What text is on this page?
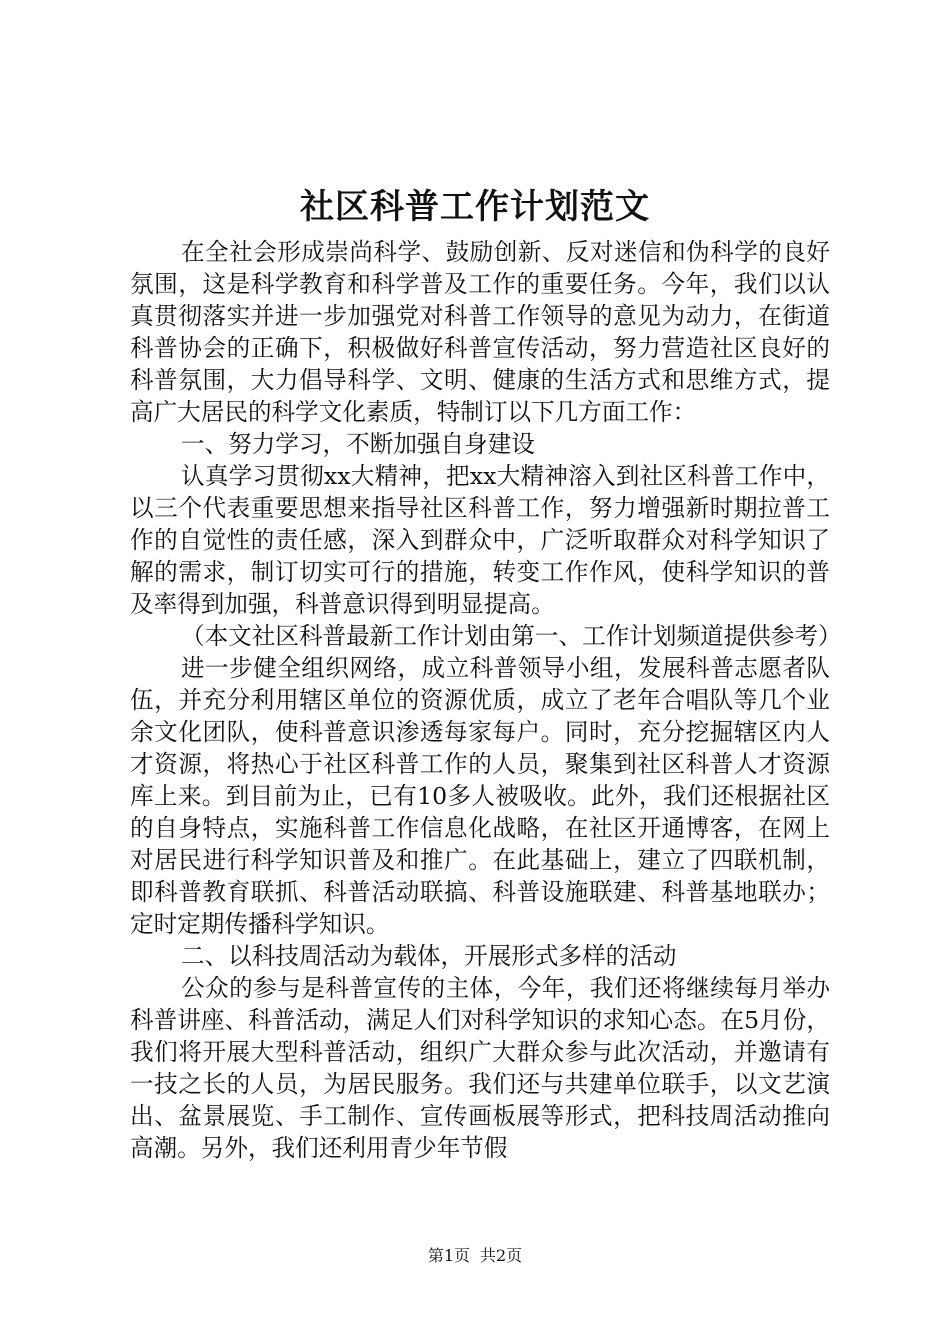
社区科普工作计划范文

在全社会形成崇尚科学、鼓励创新、反对迷信和伪科学的良好氛围，这是科学教育和科学普及工作的重要任务。今年，我们以认真贯彻落实并进一步加强党对科普工作领导的意见为动力，在街道科普协会的正确下，积极做好科普宣传活动，努力营造社区良好的科普氛围，大力倡导科学、文明、健康的生活方式和思维方式，提高广大居民的科学文化素质，特制订以下几方面工作：

一、努力学习，不断加强自身建设

认真学习贯彻xx大精神，把xx大精神溶入到社区科普工作中，以三个代表重要思想来指导社区科普工作，努力增强新时期拉普工作的自觉性的责任感，深入到群众中，广泛听取群众对科学知识了解的需求，制订切实可行的措施，转变工作作风，使科学知识的普及率得到加强，科普意识得到明显提高。

（本文社区科普最新工作计划由第一、工作计划频道提供参考）

进一步健全组织网络，成立科普领导小组，发展科普志愿者队伍，并充分利用辖区单位的资源优质，成立了老年合唱队等几个业余文化团队，使科普意识渗透每家每户。同时，充分挖掘辖区内人才资源，将热心于社区科普工作的人员，聚集到社区科普人才资源库上来。到目前为止，已有10多人被吸收。此外，我们还根据社区的自身特点，实施科普工作信息化战略，在社区开通博客，在网上对居民进行科学知识普及和推广。在此基础上，建立了四联机制，即科普教育联抓、科普活动联搞、科普设施联建、科普基地联办；定时定期传播科学知识。

二、以科技周活动为载体，开展形式多样的活动

公众的参与是科普宣传的主体，今年，我们还将继续每月举办科普讲座、科普活动，满足人们对科学知识的求知心态。在5月份，我们将开展大型科普活动，组织广大群众参与此次活动，并邀请有一技之长的人员，为居民服务。我们还与共建单位联手，以文艺演出、盆景展览、手工制作、宣传画板展等形式，把科技周活动推向高潮。另外，我们还利用青少年节假

第1页 共2页
